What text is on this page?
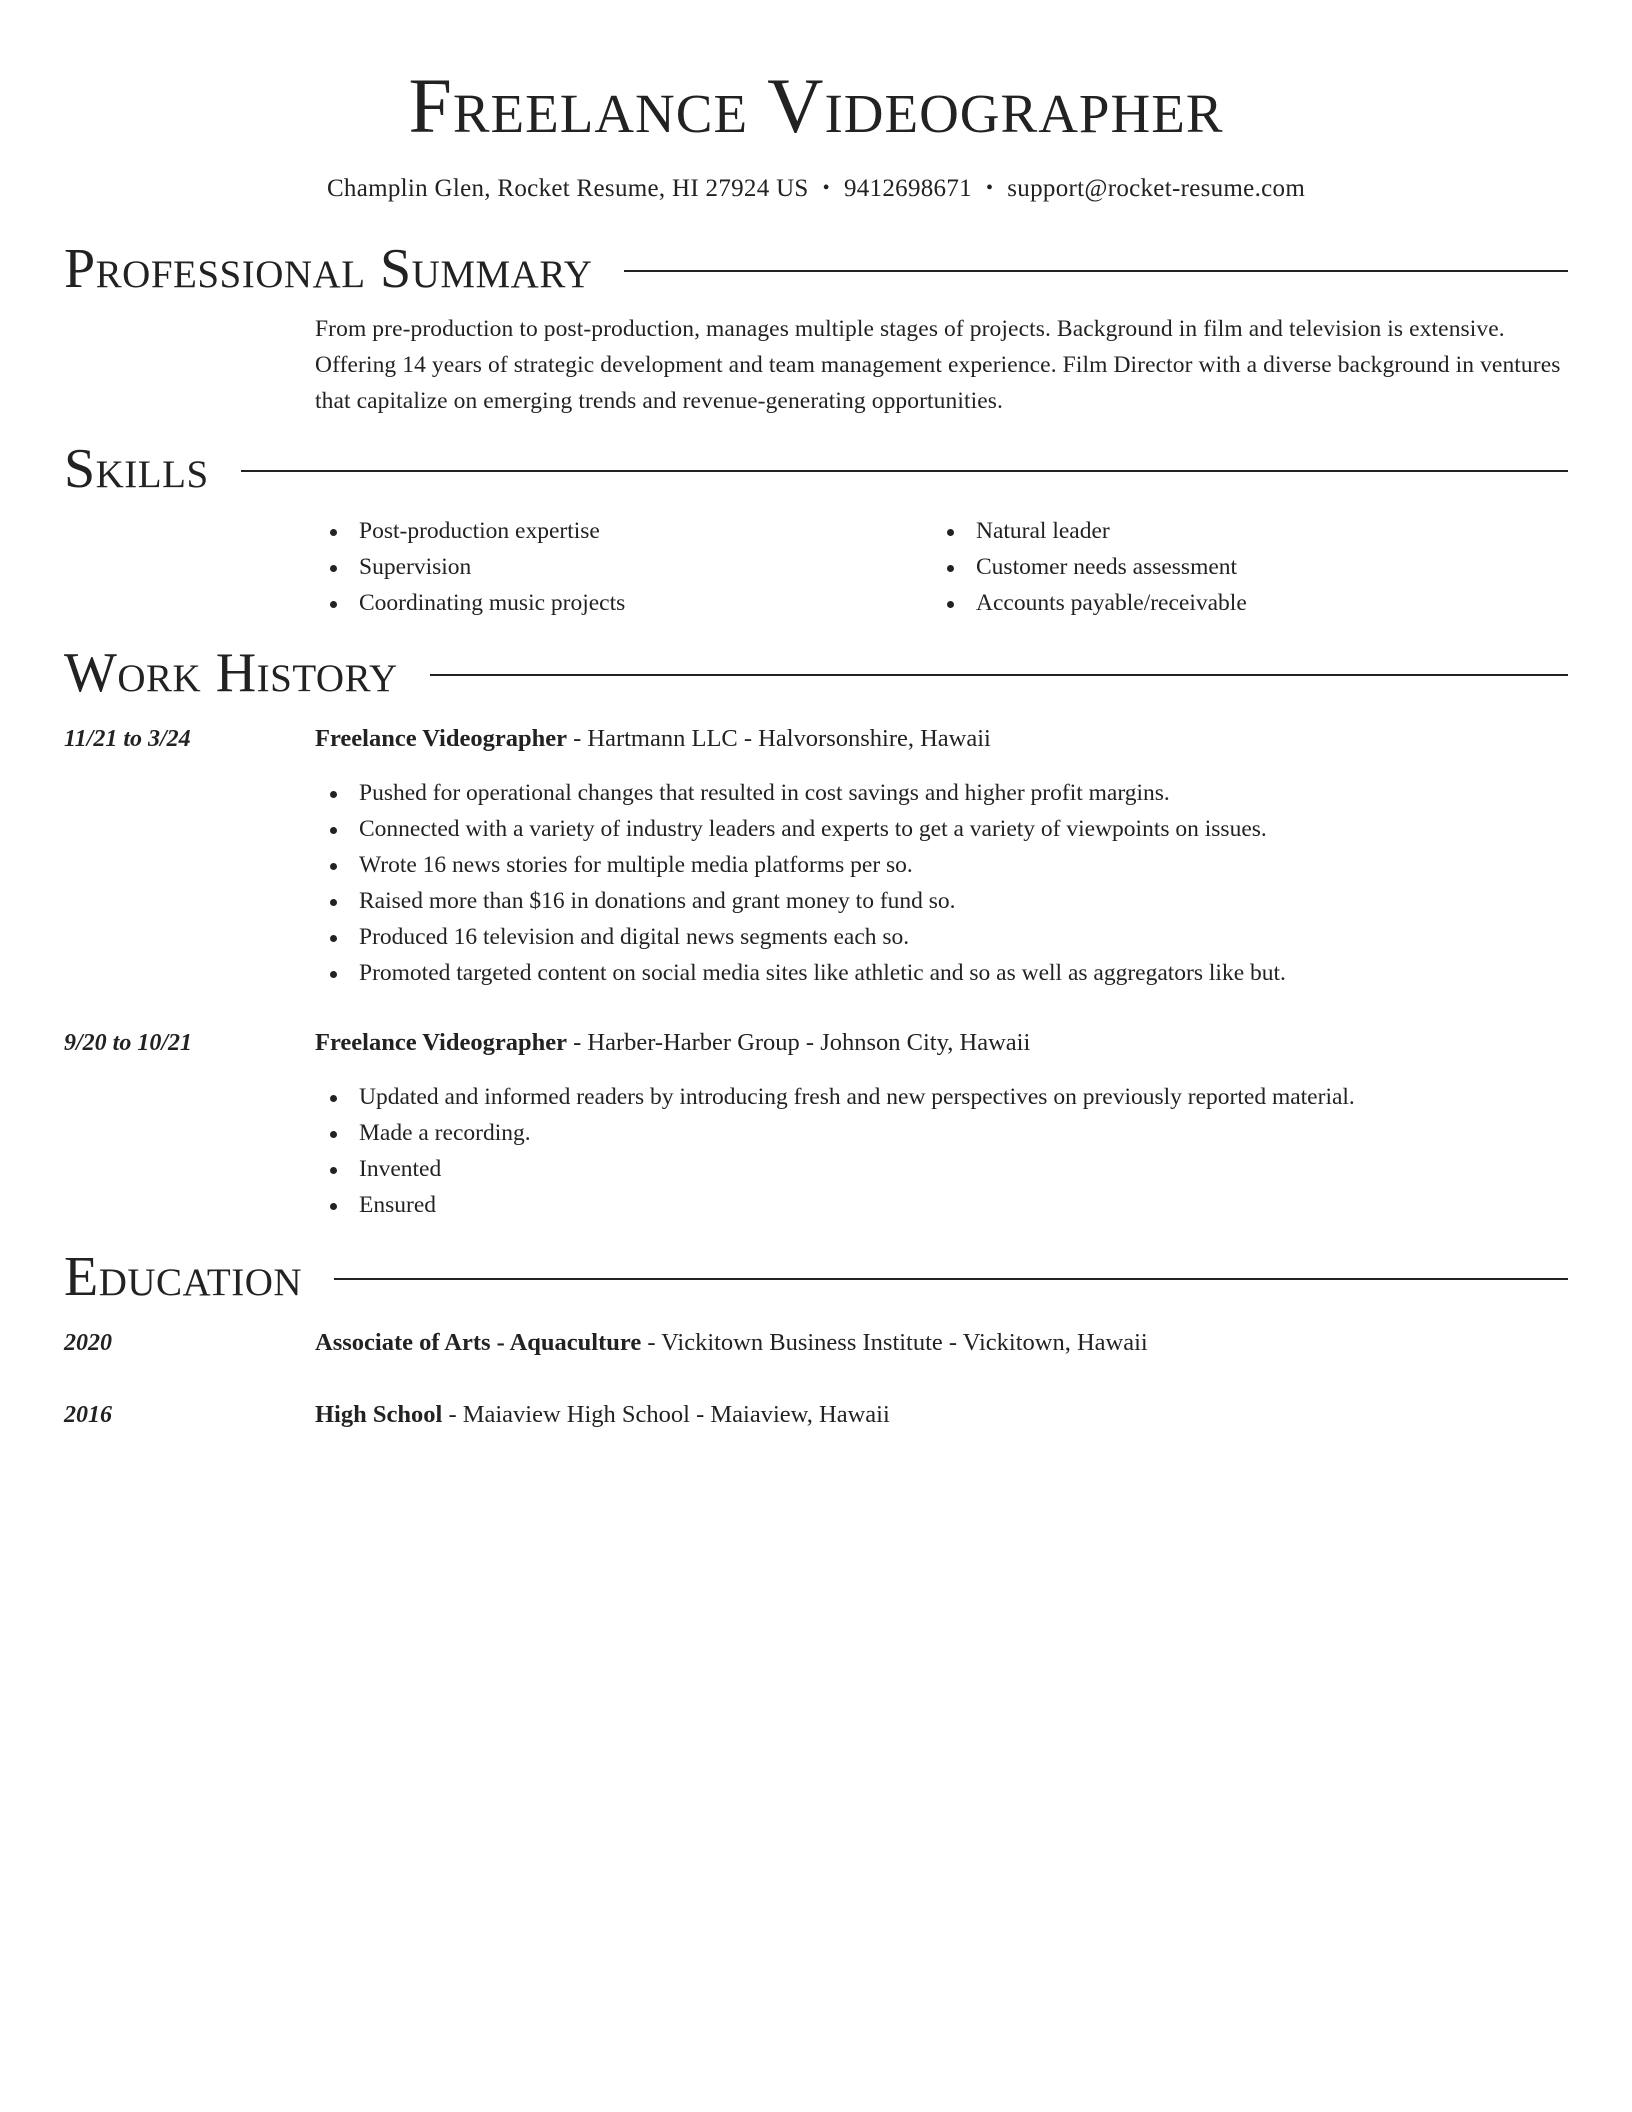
Freelance Videographer
Champlin Glen, Rocket Resume, HI 27924 US • 9412698671 • support@rocket-resume.com
Professional Summary
From pre-production to post-production, manages multiple stages of projects. Background in film and television is extensive. Offering 14 years of strategic development and team management experience. Film Director with a diverse background in ventures that capitalize on emerging trends and revenue-generating opportunities.
Skills
Post-production expertise
Supervision
Coordinating music projects
Natural leader
Customer needs assessment
Accounts payable/receivable
Work History
11/21 to 3/24	Freelance Videographer - Hartmann LLC - Halvorsonshire, Hawaii
Pushed for operational changes that resulted in cost savings and higher profit margins.
Connected with a variety of industry leaders and experts to get a variety of viewpoints on issues.
Wrote 16 news stories for multiple media platforms per so.
Raised more than $16 in donations and grant money to fund so.
Produced 16 television and digital news segments each so.
Promoted targeted content on social media sites like athletic and so as well as aggregators like but.
9/20 to 10/21	Freelance Videographer - Harber-Harber Group - Johnson City, Hawaii
Updated and informed readers by introducing fresh and new perspectives on previously reported material.
Made a recording.
Invented
Ensured
Education
2020	Associate of Arts - Aquaculture - Vickitown Business Institute - Vickitown, Hawaii
2016	High School - Maiaview High School - Maiaview, Hawaii
